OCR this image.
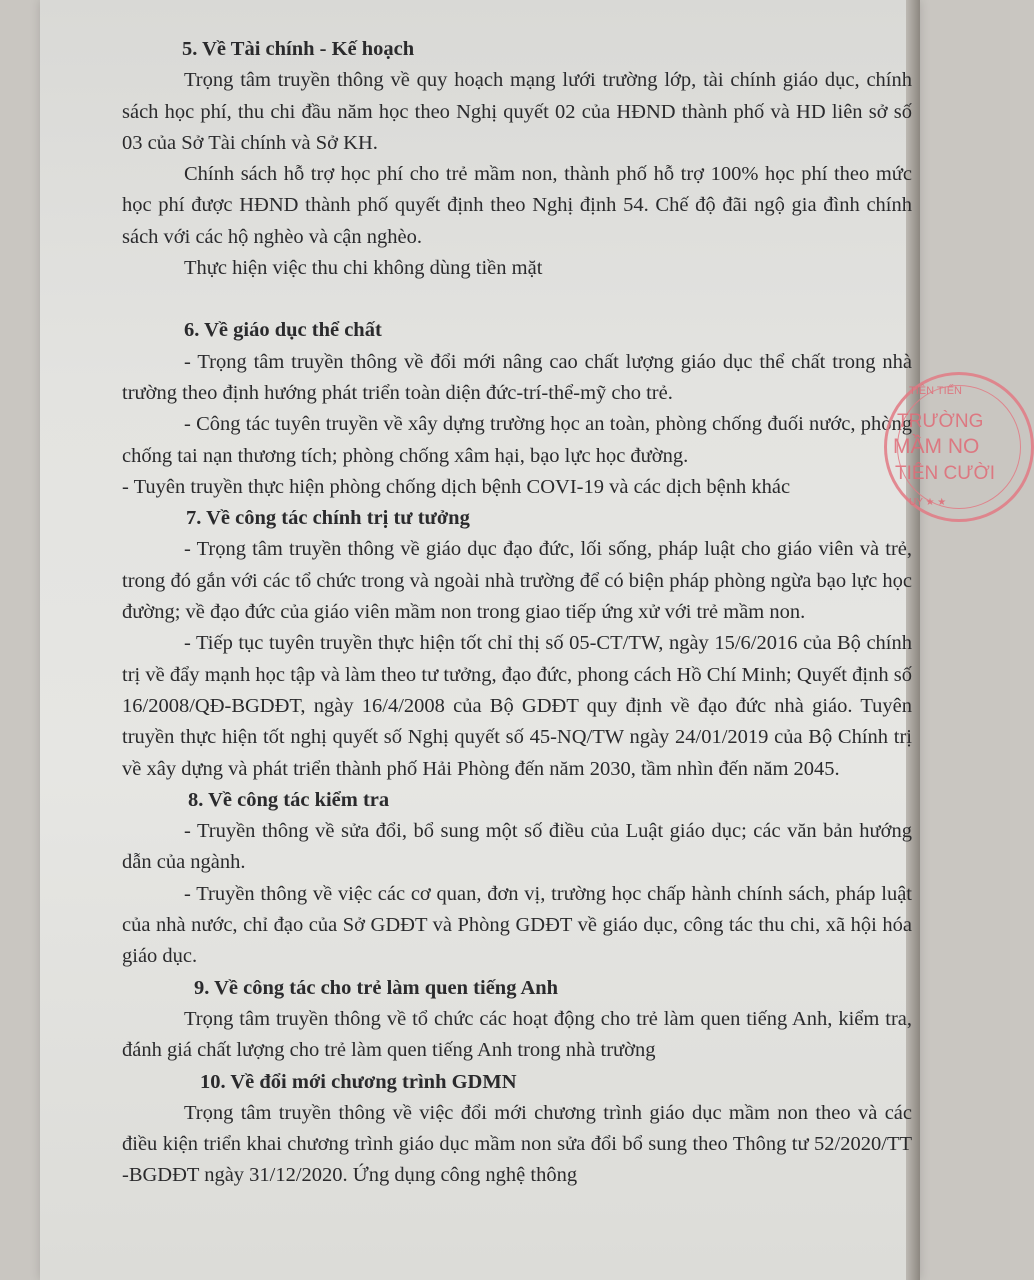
5. Về Tài chính - Kế hoạch

Trọng tâm truyền thông về quy hoạch mạng lưới trường lớp, tài chính giáo dục, chính sách học phí, thu chi đầu năm học theo Nghị quyết 02 của HĐND thành phố và HD liên sở số 03 của Sở Tài chính và Sở KH.

Chính sách hỗ trợ học phí cho trẻ mầm non, thành phố hỗ trợ 100% học phí theo mức học phí được HĐND thành phố quyết định theo Nghị định 54. Chế độ đãi ngộ gia đình chính sách với các hộ nghèo và cận nghèo.

Thực hiện việc thu chi không dùng tiền mặt

6. Về giáo dục thể chất

- Trọng tâm truyền thông về đổi mới nâng cao chất lượng giáo dục thể chất trong nhà trường theo định hướng phát triển toàn diện đức-trí-thể-mỹ cho trẻ.

- Công tác tuyên truyền về xây dựng trường học an toàn, phòng chống đuối nước, phòng chống tai nạn thương tích; phòng chống xâm hại, bạo lực học đường.

- Tuyên truyền thực hiện phòng chống dịch bệnh COVI-19 và các dịch bệnh khác

7. Về công tác chính trị tư tưởng

- Trọng tâm truyền thông về giáo dục đạo đức, lối sống, pháp luật cho giáo viên và trẻ, trong đó gắn với các tổ chức trong và ngoài nhà trường để có biện pháp phòng ngừa bạo lực học đường; về đạo đức của giáo viên mầm non trong giao tiếp ứng xử với trẻ mầm non.

- Tiếp tục tuyên truyền thực hiện tốt chỉ thị số 05-CT/TW, ngày 15/6/2016 của Bộ chính trị về đẩy mạnh học tập và làm theo tư tưởng, đạo đức, phong cách Hồ Chí Minh; Quyết định số 16/2008/QĐ-BGDĐT, ngày 16/4/2008 của Bộ GDĐT quy định về đạo đức nhà giáo. Tuyên truyền thực hiện tốt nghị quyết số Nghị quyết số 45-NQ/TW ngày 24/01/2019 của Bộ Chính trị về xây dựng và phát triển thành phố Hải Phòng đến năm 2030, tầm nhìn đến năm 2045.

8. Về công tác kiểm tra

- Truyền thông về sửa đổi, bổ sung một số điều của Luật giáo dục; các văn bản hướng dẫn của ngành.

- Truyền thông về việc các cơ quan, đơn vị, trường học chấp hành chính sách, pháp luật của nhà nước, chỉ đạo của Sở GDĐT và Phòng GDĐT về giáo dục, công tác thu chi, xã hội hóa giáo dục.

9. Về công tác cho trẻ làm quen tiếng Anh

Trọng tâm truyền thông về tổ chức các hoạt động cho trẻ làm quen tiếng Anh, kiểm tra, đánh giá chất lượng cho trẻ làm quen tiếng Anh trong nhà trường

10. Về đổi mới chương trình GDMN

Trọng tâm truyền thông về việc đổi mới chương trình giáo dục mầm non theo và các điều kiện triển khai chương trình giáo dục mầm non sửa đổi bổ sung theo Thông tư 52/2020/TT -BGDĐT ngày 31/12/2020. Ứng dụng công nghệ thông

TIÊN TIẾN
TRƯỜNG
MẦM NO
TIÊN CƯỜI
UY ★ ★
